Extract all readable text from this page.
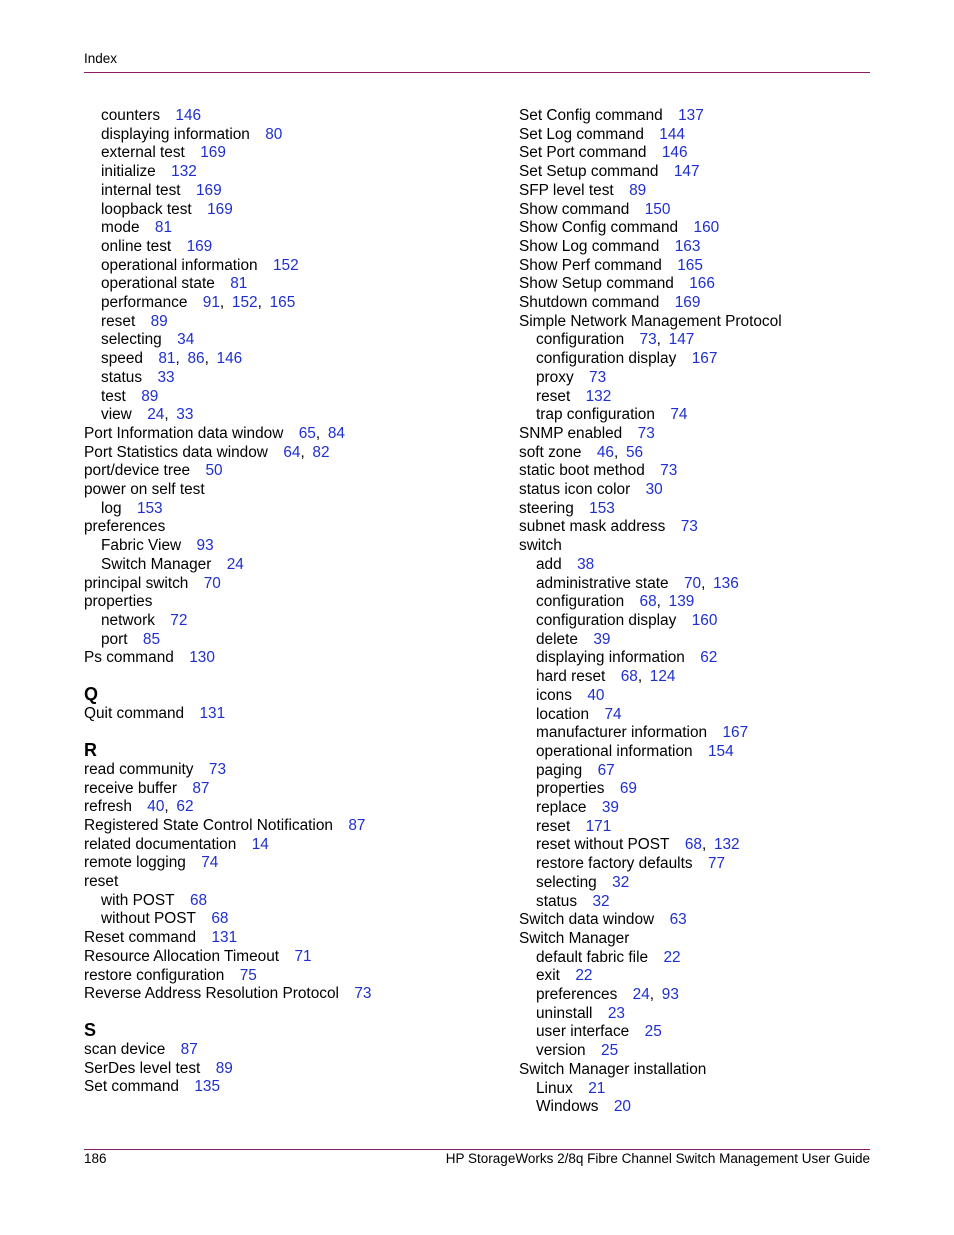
Index
counters   146
displaying information   80
external test   169
initialize   132
internal test   169
loopback test   169
mode   81
online test   169
operational information   152
operational state   81
performance   91, 152, 165
reset   89
selecting   34
speed   81, 86, 146
status   33
test   89
view   24, 33
Port Information data window   65, 84
Port Statistics data window   64, 82
port/device tree   50
power on self test
log   153
preferences
Fabric View   93
Switch Manager   24
principal switch   70
properties
network   72
port   85
Ps command   130
Q
Quit command   131
R
read community   73
receive buffer   87
refresh   40, 62
Registered State Control Notification   87
related documentation   14
remote logging   74
reset
with POST   68
without POST   68
Reset command   131
Resource Allocation Timeout   71
restore configuration   75
Reverse Address Resolution Protocol   73
S
scan device   87
SerDes level test   89
Set command   135
Set Config command   137
Set Log command   144
Set Port command   146
Set Setup command   147
SFP level test   89
Show command   150
Show Config command   160
Show Log command   163
Show Perf command   165
Show Setup command   166
Shutdown command   169
Simple Network Management Protocol
configuration   73, 147
configuration display   167
proxy   73
reset   132
trap configuration   74
SNMP enabled   73
soft zone   46, 56
static boot method   73
status icon color   30
steering   153
subnet mask address   73
switch
add   38
administrative state   70, 136
configuration   68, 139
configuration display   160
delete   39
displaying information   62
hard reset   68, 124
icons   40
location   74
manufacturer information   167
operational information   154
paging   67
properties   69
replace   39
reset   171
reset without POST   68, 132
restore factory defaults   77
selecting   32
status   32
Switch data window   63
Switch Manager
default fabric file   22
exit   22
preferences   24, 93
uninstall   23
user interface   25
version   25
Switch Manager installation
Linux   21
Windows   20
186	HP StorageWorks 2/8q Fibre Channel Switch Management User Guide
